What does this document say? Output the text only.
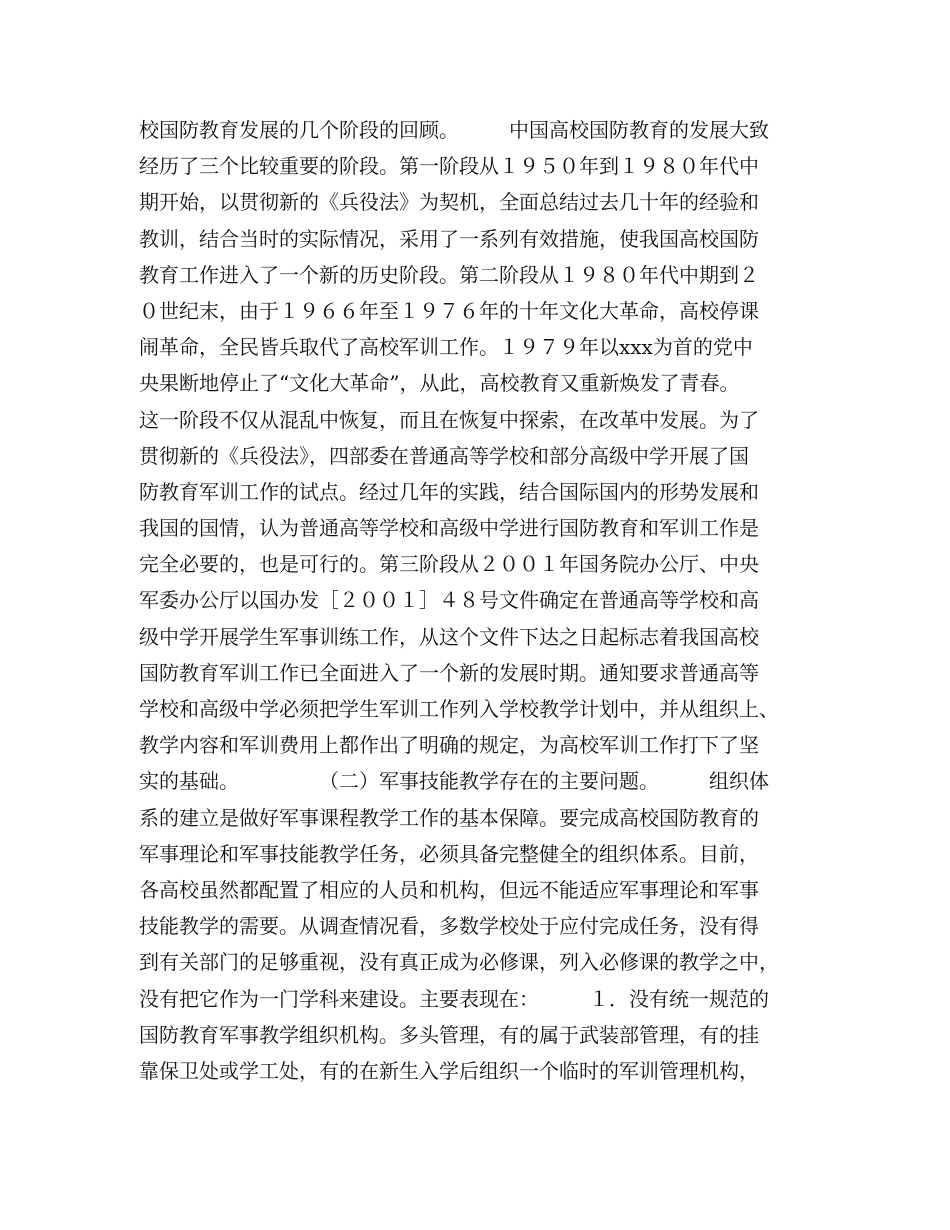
校国防教育发展的几个阶段的回顾。　　　中国高校国防教育的发展大致
经历了三个比较重要的阶段。第一阶段从１９５０年到１９８０年代中
期开始，以贯彻新的《兵役法》为契机，全面总结过去几十年的经验和
教训，结合当时的实际情况，采用了一系列有效措施，使我国高校国防
教育工作进入了一个新的历史阶段。第二阶段从１９８０年代中期到２
０世纪末，由于１９６６年至１９７６年的十年文化大革命，高校停课
闹革命，全民皆兵取代了高校军训工作。１９７９年以xxx为首的党中
央果断地停止了“文化大革命”，从此，高校教育又重新焕发了青春。
这一阶段不仅从混乱中恢复，而且在恢复中探索，在改革中发展。为了
贯彻新的《兵役法》，四部委在普通高等学校和部分高级中学开展了国
防教育军训工作的试点。经过几年的实践，结合国际国内的形势发展和
我国的国情，认为普通高等学校和高级中学进行国防教育和军训工作是
完全必要的，也是可行的。第三阶段从２００１年国务院办公厅、中央
军委办公厅以国办发［２００１］４８号文件确定在普通高等学校和高
级中学开展学生军事训练工作，从这个文件下达之日起标志着我国高校
国防教育军训工作已全面进入了一个新的发展时期。通知要求普通高等
学校和高级中学必须把学生军训工作列入学校教学计划中，并从组织上、
教学内容和军训费用上都作出了明确的规定，为高校军训工作打下了坚
实的基础。　　　　　（二）军事技能教学存在的主要问题。　　　组织体
系的建立是做好军事课程教学工作的基本保障。要完成高校国防教育的
军事理论和军事技能教学任务，必须具备完整健全的组织体系。目前，
各高校虽然都配置了相应的人员和机构，但远不能适应军事理论和军事
技能教学的需要。从调查情况看，多数学校处于应付完成任务，没有得
到有关部门的足够重视，没有真正成为必修课，列入必修课的教学之中，
没有把它作为一门学科来建设。主要表现在：　　　１．没有统一规范的
国防教育军事教学组织机构。多头管理，有的属于武装部管理，有的挂
靠保卫处或学工处，有的在新生入学后组织一个临时的军训管理机构，
